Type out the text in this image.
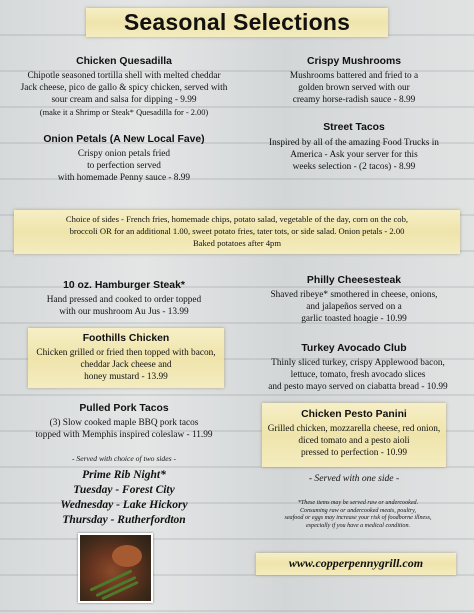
Seasonal Selections
Chicken Quesadilla
Chipotle seasoned tortilla shell with melted cheddar
Jack cheese, pico de gallo & spicy chicken, served with
sour cream and salsa for dipping - 9.99
(make it a Shrimp or Steak* Quesadilla for - 2.00)
Crispy Mushrooms
Mushrooms battered and fried to a
golden brown served with our
creamy horse-radish sauce - 8.99
Onion Petals (A New Local Fave)
Crispy onion petals fried
to perfection served
with homemade Penny sauce - 8.99
Street Tacos
Inspired by all of the amazing Food Trucks in
America - Ask your server for this
weeks selection - (2 tacos) - 8.99
Choice of sides - French fries, homemade chips, potato salad, vegetable of the day, corn on the cob,
broccoli OR for an additional 1.00, sweet potato fries, tater tots, or side salad. Onion petals - 2.00
Baked potatoes after 4pm
10 oz. Hamburger Steak*
Hand pressed and cooked to order topped
with our mushroom Au Jus - 13.99
Philly Cheesesteak
Shaved ribeye* smothered in cheese, onions,
and jalapeños served on a
garlic toasted hoagie - 10.99
Foothills Chicken
Chicken grilled or fried then topped with bacon,
cheddar Jack cheese and
honey mustard - 13.99
Turkey Avocado Club
Thinly sliced turkey, crispy Applewood bacon,
lettuce, tomato, fresh avocado slices
and pesto mayo served on ciabatta bread - 10.99
Pulled Pork Tacos
(3) Slow cooked maple BBQ pork tacos
topped with Memphis inspired coleslaw - 11.99
Chicken Pesto Panini
Grilled chicken, mozzarella cheese, red onion,
diced tomato and a pesto aioli
pressed to perfection - 10.99
- Served with choice of two sides -
- Served with one side -
Prime Rib Night*
Tuesday - Forest City
Wednesday - Lake Hickory
Thursday - Rutherfordton
*These items may be served raw or undercooked.
Consuming raw or undercooked meats, poultry,
seafood or eggs may increase your risk of foodborne illness,
especially if you have a medical condition.
www.copperpennygrill.com
